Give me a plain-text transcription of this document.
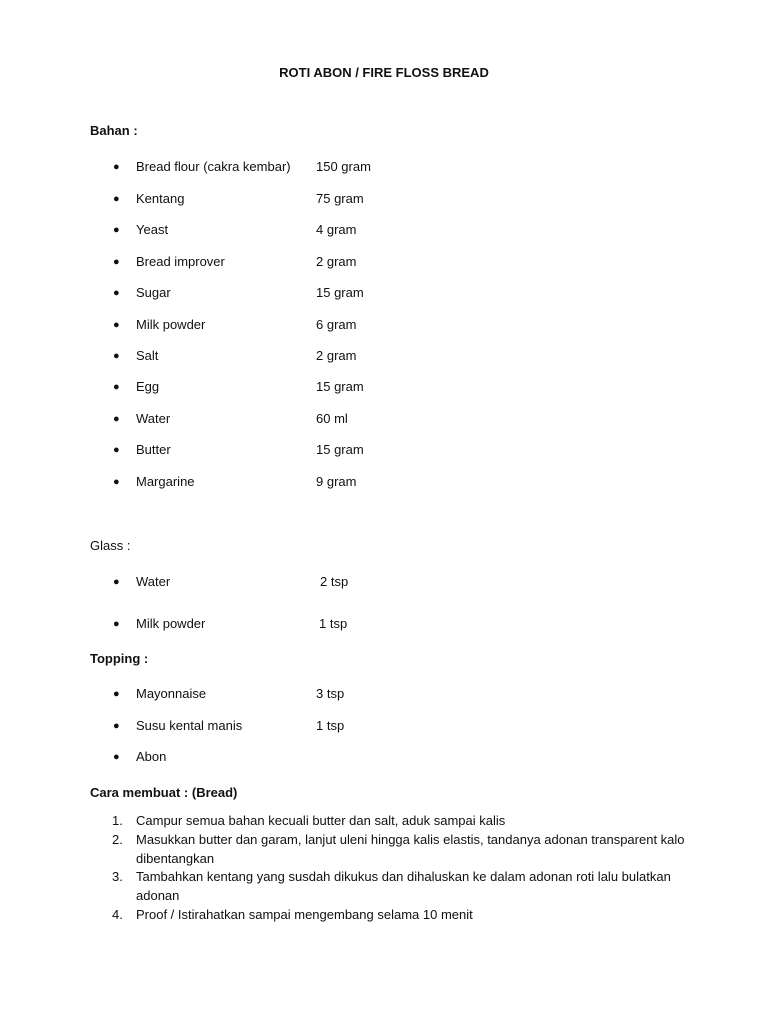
ROTI ABON / FIRE FLOSS BREAD
Bahan :
● Bread flour (cakra kembar) 150 gram
● Kentang	75 gram
● Yeast	4 gram
● Bread improver	2 gram
● Sugar	15 gram
● Milk powder	6 gram
● Salt	2 gram
● Egg	15 gram
● Water	60 ml
● Butter	15 gram
● Margarine	9 gram
Glass :
● Water	2 tsp
● Milk powder	1 tsp
Topping :
● Mayonnaise	3 tsp
● Susu kental manis	1 tsp
● Abon
Cara membuat : (Bread)
1. Campur semua bahan kecuali butter dan salt, aduk sampai kalis
2. Masukkan butter dan garam, lanjut uleni hingga kalis elastis, tandanya adonan transparent kalo dibentangkan
3. Tambahkan kentang yang susdah dikukus dan dihaluskan ke dalam adonan roti lalu bulatkan adonan
4. Proof / Istirahatkan sampai mengembang selama 10 menit
